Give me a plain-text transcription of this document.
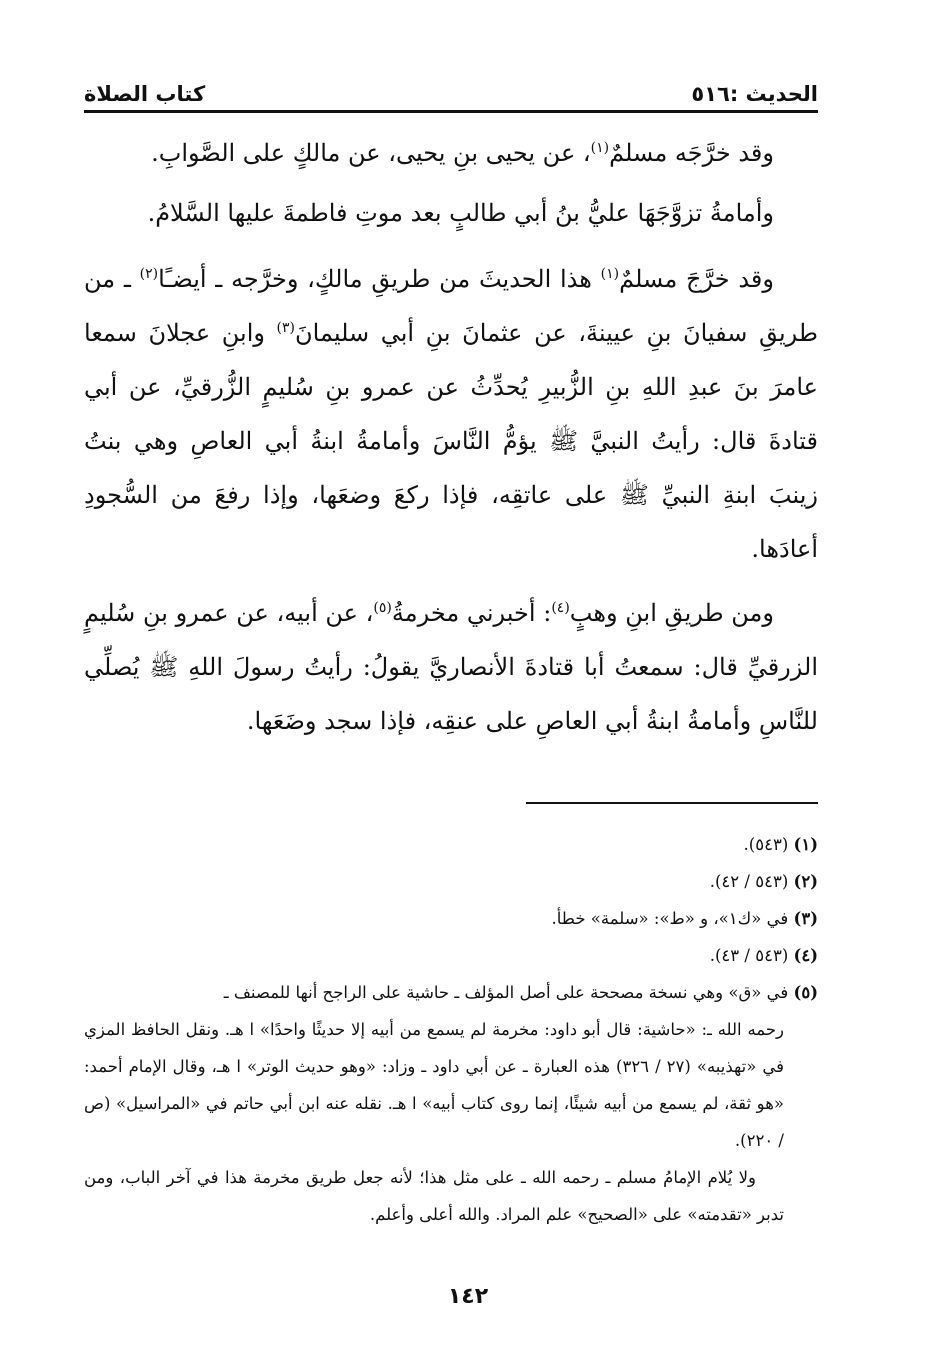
الحديث :٥١٦
كتاب الصلاة

وقد خرَّجَه مسلمٌ$^{(١)}$، عن يحيى بنِ يحيى، عن مالكٍ على الصَّوابِ.

وأمامةُ تزوَّجَهَا عليُّ بنُ أبي طالبٍ بعد موتِ فاطمةَ عليها السَّلامُ.

وقد خرَّجَ مسلمٌ$^{(١)}$ هذا الحديثَ من طريقِ مالكٍ، وخرَّجه ـ أيضـًا$^{(٢)}$ ـ من طريقِ سفيانَ بنِ عيينةَ، عن عثمانَ بنِ أبي سليمانَ$^{(٣)}$ وابنِ عجلانَ سمعا عامرَ بنَ عبدِ اللهِ بنِ الزُّبيرِ يُحدِّثُ عن عمرو بنِ سُليمٍ الزُّرقيِّ، عن أبي قتادةَ قال: رأيتُ النبيَّ ﷺ يؤمُّ النَّاسَ وأمامةُ ابنةُ أبي العاصِ وهي بنتُ زينبَ ابنةِ النبيِّ ﷺ على عاتقِه، فإذا ركعَ وضعَها، وإذا رفعَ من السُّجودِ أعادَها.

ومن طريقِ ابنِ وهبٍ$^{(٤)}$: أخبرني مخرمةُ$^{(٥)}$، عن أبيه، عن عمرو بنِ سُليمٍ الزرقيِّ قال: سمعتُ أبا قتادةَ الأنصاريَّ يقولُ: رأيتُ رسولَ اللهِ ﷺ يُصلِّي للنَّاسِ وأمامةُ ابنةُ أبي العاصِ على عنقِه، فإذا سجد وضَعَها.

(١) (٥٤٣).

(٢) (٥٤٣ / ٤٢).

(٣) في «ك١»، و «ط»: «سلمة» خطأ.

(٤) (٥٤٣ / ٤٣).

(٥) في «ق» وهي نسخة مصححة على أصل المؤلف ـ حاشية على الراجح أنها للمصنف ـ

رحمه الله ـ: «حاشية: قال أبو داود: مخرمة لم يسمع من أبيه إلا حديثًا واحدًا» ا هـ. ونقل الحافظ المزي في «تهذيبه» (٢٧ / ٣٢٦) هذه العبارة ـ عن أبي داود ـ وزاد: «وهو حديث الوتر» ا هـ، وقال الإمام أحمد: «هو ثقة، لم يسمع من أبيه شيئًا، إنما روى كتاب أبيه» ا هـ. نقله عنه ابن أبي حاتم في «المراسيل» (ص / ٢٢٠).

ولا يُلام الإمامُ مسلم ـ رحمه الله ـ على مثل هذا؛ لأنه جعل طريق مخرمة هذا في آخر الباب، ومن تدبر «تقدمته» على «الصحيح» علم المراد. والله أعلى وأعلم.

١٤٢
